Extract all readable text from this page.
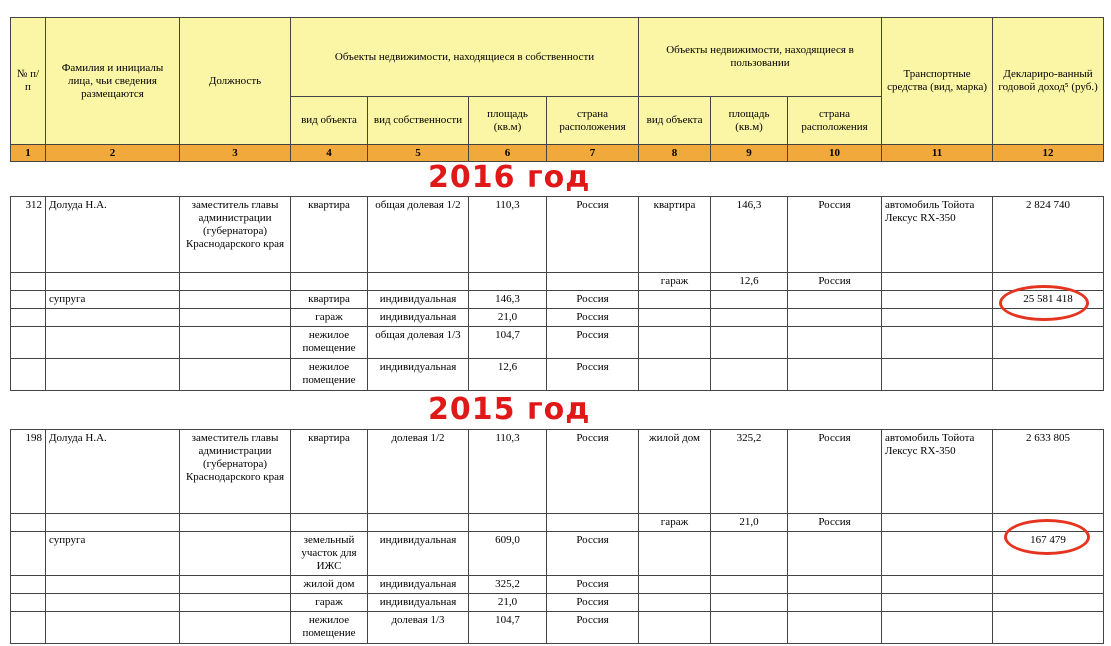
№ п/п	Фамилия и инициалы лица, чьи сведения размещаются	Должность	Объекты недвижимости, находящиеся в собственности				Объекты недвижимости, находящиеся в пользовании			Транспортные средства (вид, марка)	Деклариро-ванный годовой доход⁵ (руб.)
			вид объекта	вид собственности	площадь (кв.м)	страна расположения	вид объекта	площадь (кв.м)	страна расположения		
1	2	3	4	5	6	7	8	9	10	11	12
2016 год
312	Долуда Н.А.	заместитель главы администрации (губернатора) Краснодарского края	квартира	общая долевая 1/2	110,3	Россия	квартира	146,3	Россия	автомобиль Тойота Лексус RX-350	2 824 740
							гараж	12,6	Россия		
	супруга		квартира	индивидуальная	146,3	Россия					25 581 418
			гараж	индивидуальная	21,0	Россия					
			нежилое помещение	общая долевая 1/3	104,7	Россия					
			нежилое помещение	индивидуальная	12,6	Россия					
2015 год
198	Долуда Н.А.	заместитель главы администрации (губернатора) Краснодарского края	квартира	долевая 1/2	110,3	Россия	жилой дом	325,2	Россия	автомобиль Тойота Лексус RX-350	2 633 805
							гараж	21,0	Россия		
	супруга		земельный участок для ИЖС	индивидуальная	609,0	Россия					167 479
			жилой дом	индивидуальная	325,2	Россия					
			гараж	индивидуальная	21,0	Россия					
			нежилое помещение	долевая 1/3	104,7	Россия					
